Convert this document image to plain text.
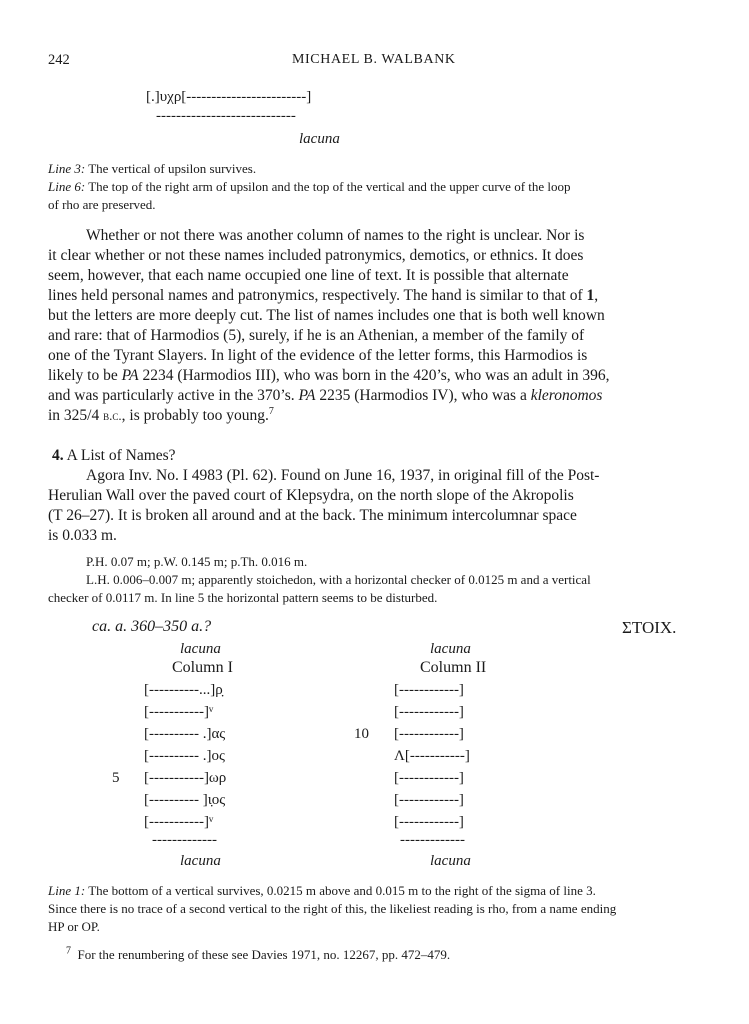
242	MICHAEL B. WALBANK
[.]υχρ[------------------------]
----------------------------
lacuna
Line 3: The vertical of upsilon survives.
Line 6: The top of the right arm of upsilon and the top of the vertical and the upper curve of the loop
of rho are preserved.
Whether or not there was another column of names to the right is unclear. Nor is
it clear whether or not these names included patronymics, demotics, or ethnics. It does
seem, however, that each name occupied one line of text. It is possible that alternate
lines held personal names and patronymics, respectively. The hand is similar to that of 1,
but the letters are more deeply cut. The list of names includes one that is both well known
and rare: that of Harmodios (5), surely, if he is an Athenian, a member of the family of
one of the Tyrant Slayers. In light of the evidence of the letter forms, this Harmodios is
likely to be PA 2234 (Harmodios III), who was born in the 420’s, who was an adult in 396,
and was particularly active in the 370’s. PA 2235 (Harmodios IV), who was a kleronomos
in 325/4 b.c., is probably too young.$^7$
4. A List of Names?
Agora Inv. No. I 4983 (Pl. 62). Found on June 16, 1937, in original fill of the Post-
Herulian Wall over the paved court of Klepsydra, on the north slope of the Akropolis
(T 26–27). It is broken all around and at the back. The minimum intercolumnar space
is 0.033 m.
P.H. 0.07 m; p.W. 0.145 m; p.Th. 0.016 m.
L.H. 0.006–0.007 m; apparently stoichedon, with a horizontal checker of 0.0125 m and a vertical
checker of 0.0117 m. In line 5 the horizontal pattern seems to be disturbed.
ca. a. 360–350 a.?	ΣΤΟΙΧ.
lacuna
Column I
[----------...]ρ̣
[-----------]ᵛ
[---------- .]ας
[---------- .]ος
[-----------]ωρ
[---------- ]ι̣ος
[-----------]ᵛ
-------------
lacuna
5
10
lacuna
Column II
[------------]
[------------]
[------------]
Λ[-----------]
[------------]
[------------]
[------------]
-------------
lacuna
Line 1: The bottom of a vertical survives, 0.0215 m above and 0.015 m to the right of the sigma of line 3.
Since there is no trace of a second vertical to the right of this, the likeliest reading is rho, from a name ending
HP or OP.
$^7$ For the renumbering of these see Davies 1971, no. 12267, pp. 472–479.
